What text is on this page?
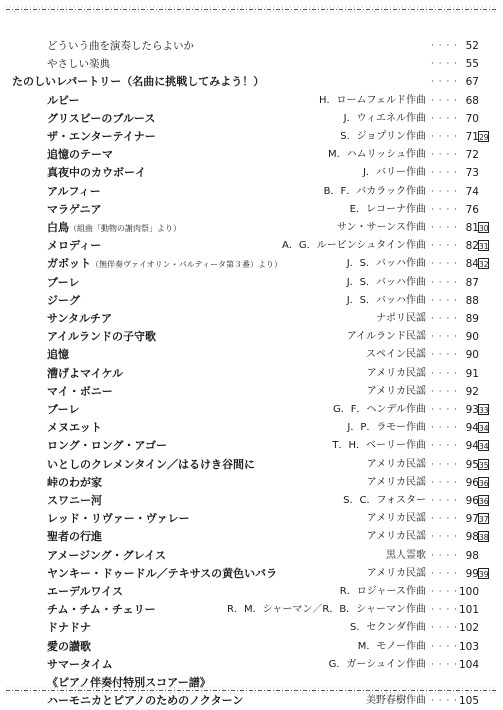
どういう曲を演奏したらよいか	· · · · 52
やさしい楽典	· · · · 55
たのしいレパートリー（名曲に挑戦してみよう！）	· · · · 67
ルビー	H．ロームフェルド作曲 · · · · 68
グリスビーのブルース	J．ウィエネル作曲 · · · · 70
ザ・エンターテイナー	S．ジョプリン作曲 · · · · 71 29
追憶のテーマ	M．ハムリッシュ作曲 · · · · 72
真夜中のカウボーイ	J．バリー作曲 · · · · 73
アルフィー	B．F．バカラック作曲 · · · · 74
マラゲニア	E．レコーナ作曲 · · · · 76
白鳥（組曲「動物の謝肉祭」より）	サン・サーンス作曲 · · · · 81 30
メロディー	A．G．ルービンシュタイン作曲 · · · · 82 31
ガボット（無伴奏ヴァイオリン・パルティータ第３番）より）	J．S．バッハ作曲 · · · · 84 32
ブーレ	J．S．バッハ作曲 · · · · 87
ジーグ	J．S．バッハ作曲 · · · · 88
サンタルチア	ナポリ民謡 · · · · 89
アイルランドの子守歌	アイルランド民謡 · · · · 90
追憶	スペイン民謡 · · · · 90
漕げよマイケル	アメリカ民謡 · · · · 91
マイ・ボニー	アメリカ民謡 · · · · 92
ブーレ	G．F．ヘンデル作曲 · · · · 93 33
メヌエット	J．P．ラモー作曲 · · · · 94 34
ロング・ロング・アゴー	T．H．ベーリー作曲 · · · · 94 34
いとしのクレメンタイン／はるけき谷間に	アメリカ民謡 · · · · 95 35
峠のわが家	アメリカ民謡 · · · · 96 36
スワニー河	S．C．フォスター · · · · 96 36
レッド・リヴァー・ヴァレー	アメリカ民謡 · · · · 97 37
聖者の行進	アメリカ民謡 · · · · 98 38
アメージング・グレイス	黒人霊歌 · · · · 98
ヤンキー・ドゥードル／テキサスの黄色いバラ	アメリカ民謡 · · · · 99 39
エーデルワイス	R．ロジャース作曲 · · · · 100
チム・チム・チェリー	R．M．シャーマン／R．B．シャーマン作曲 · · · · 101
ドナドナ	S．セクンダ作曲 · · · · 102
愛の讃歌	M．モノー作曲 · · · · 103
サマータイム	G．ガーシュイン作曲 · · · · 104
《ピアノ伴奏付特別スコアー譜》
ハーモニカとピアノのためのノクターン	美野春樹作曲 · · · · 105
